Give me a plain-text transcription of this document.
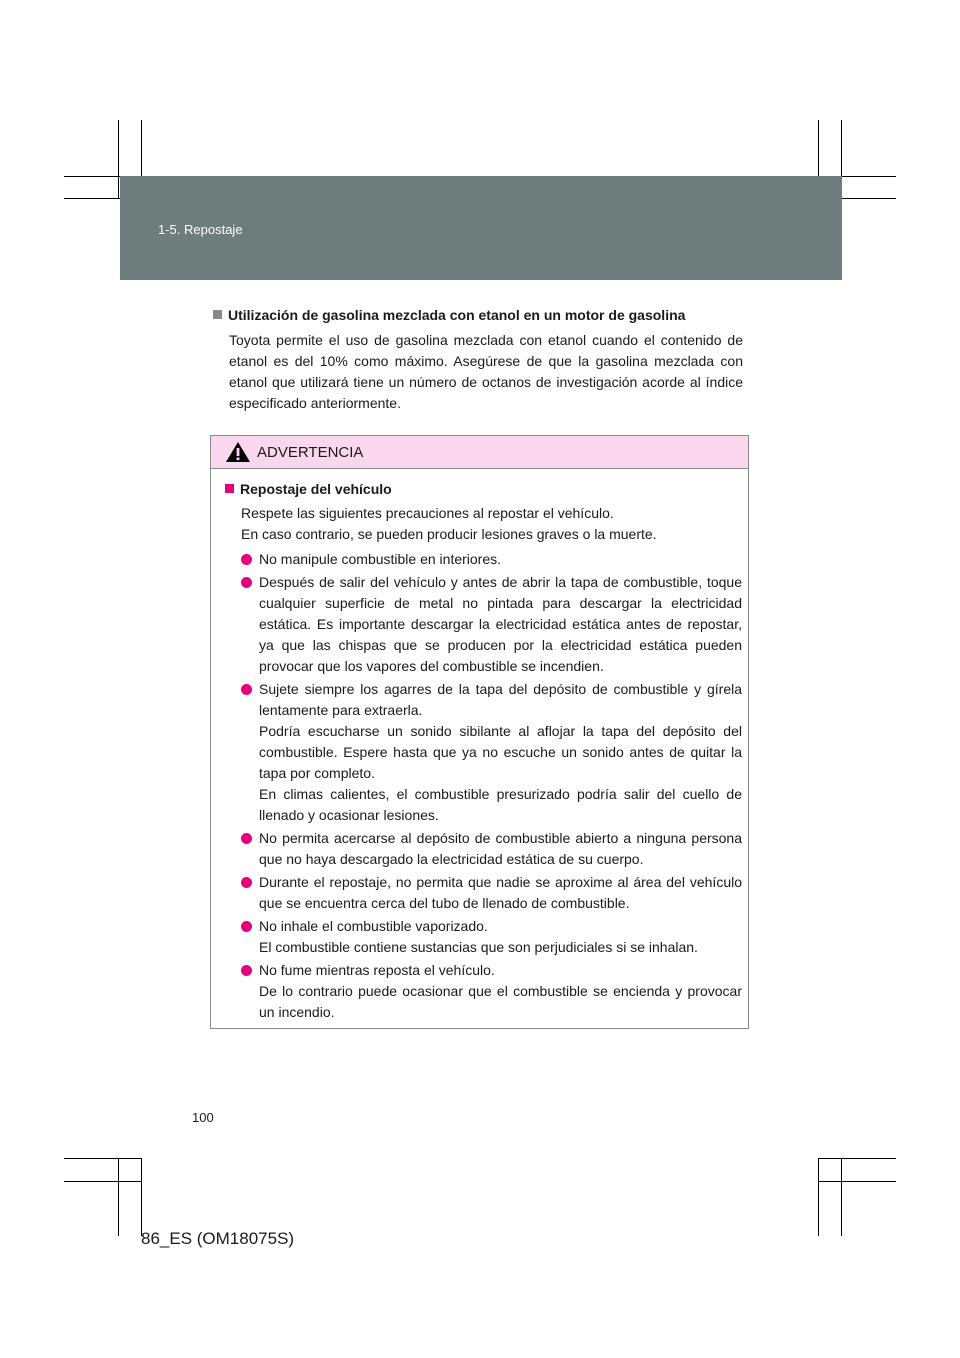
1-5. Repostaje
Utilización de gasolina mezclada con etanol en un motor de gasolina
Toyota permite el uso de gasolina mezclada con etanol cuando el contenido de etanol es del 10% como máximo. Asegúrese de que la gasolina mezclada con etanol que utilizará tiene un número de octanos de investigación acorde al índice especificado anteriormente.
ADVERTENCIA
Repostaje del vehículo
Respete las siguientes precauciones al repostar el vehículo.
En caso contrario, se pueden producir lesiones graves o la muerte.
No manipule combustible en interiores.
Después de salir del vehículo y antes de abrir la tapa de combustible, toque cualquier superficie de metal no pintada para descargar la electricidad estática. Es importante descargar la electricidad estática antes de repostar, ya que las chispas que se producen por la electricidad estática pueden provocar que los vapores del combustible se incendien.
Sujete siempre los agarres de la tapa del depósito de combustible y gírela lentamente para extraerla.
Podría escucharse un sonido sibilante al aflojar la tapa del depósito del combustible. Espere hasta que ya no escuche un sonido antes de quitar la tapa por completo.
En climas calientes, el combustible presurizado podría salir del cuello de llenado y ocasionar lesiones.
No permita acercarse al depósito de combustible abierto a ninguna persona que no haya descargado la electricidad estática de su cuerpo.
Durante el repostaje, no permita que nadie se aproxime al área del vehículo que se encuentra cerca del tubo de llenado de combustible.
No inhale el combustible vaporizado.
El combustible contiene sustancias que son perjudiciales si se inhalan.
No fume mientras reposta el vehículo.
De lo contrario puede ocasionar que el combustible se encienda y provocar un incendio.
100
86_ES (OM18075S)
